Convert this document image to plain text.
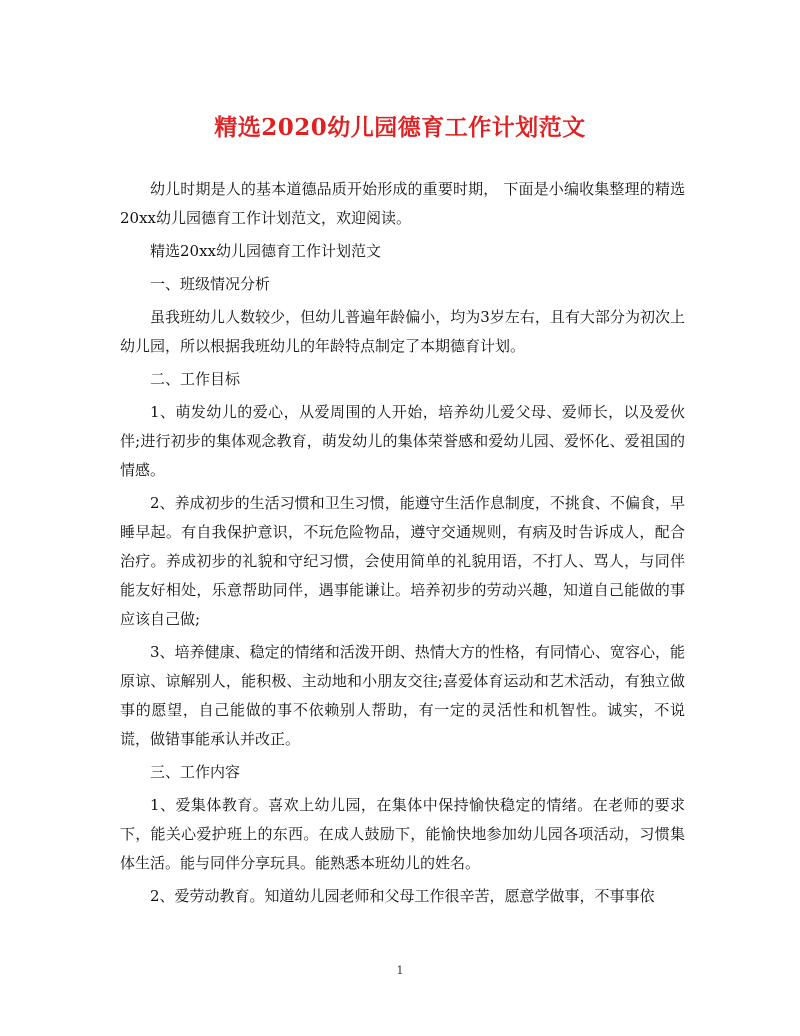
精选2020幼儿园德育工作计划范文

幼儿时期是人的基本道德品质开始形成的重要时期， 下面是小编收集整理的精选20xx幼儿园德育工作计划范文，欢迎阅读。

精选20xx幼儿园德育工作计划范文

一、班级情况分析

虽我班幼儿人数较少，但幼儿普遍年龄偏小，均为3岁左右，且有大部分为初次上幼儿园，所以根据我班幼儿的年龄特点制定了本期德育计划。

二、工作目标

1、萌发幼儿的爱心，从爱周围的人开始，培养幼儿爱父母、爱师长，以及爱伙伴;进行初步的集体观念教育，萌发幼儿的集体荣誉感和爱幼儿园、爱怀化、爱祖国的情感。

2、养成初步的生活习惯和卫生习惯，能遵守生活作息制度，不挑食、不偏食，早睡早起。有自我保护意识，不玩危险物品，遵守交通规则，有病及时告诉成人，配合治疗。养成初步的礼貌和守纪习惯，会使用简单的礼貌用语，不打人、骂人，与同伴能友好相处，乐意帮助同伴，遇事能谦让。培养初步的劳动兴趣，知道自己能做的事应该自己做;

3、培养健康、稳定的情绪和活泼开朗、热情大方的性格，有同情心、宽容心，能原谅、谅解别人，能积极、主动地和小朋友交往;喜爱体育运动和艺术活动，有独立做事的愿望，自己能做的事不依赖别人帮助，有一定的灵活性和机智性。诚实，不说谎，做错事能承认并改正。

三、工作内容

1、爱集体教育。喜欢上幼儿园，在集体中保持愉快稳定的情绪。在老师的要求下，能关心爱护班上的东西。在成人鼓励下，能愉快地参加幼儿园各项活动，习惯集体生活。能与同伴分享玩具。能熟悉本班幼儿的姓名。

2、爱劳动教育。知道幼儿园老师和父母工作很辛苦，愿意学做事，不事事依

1
